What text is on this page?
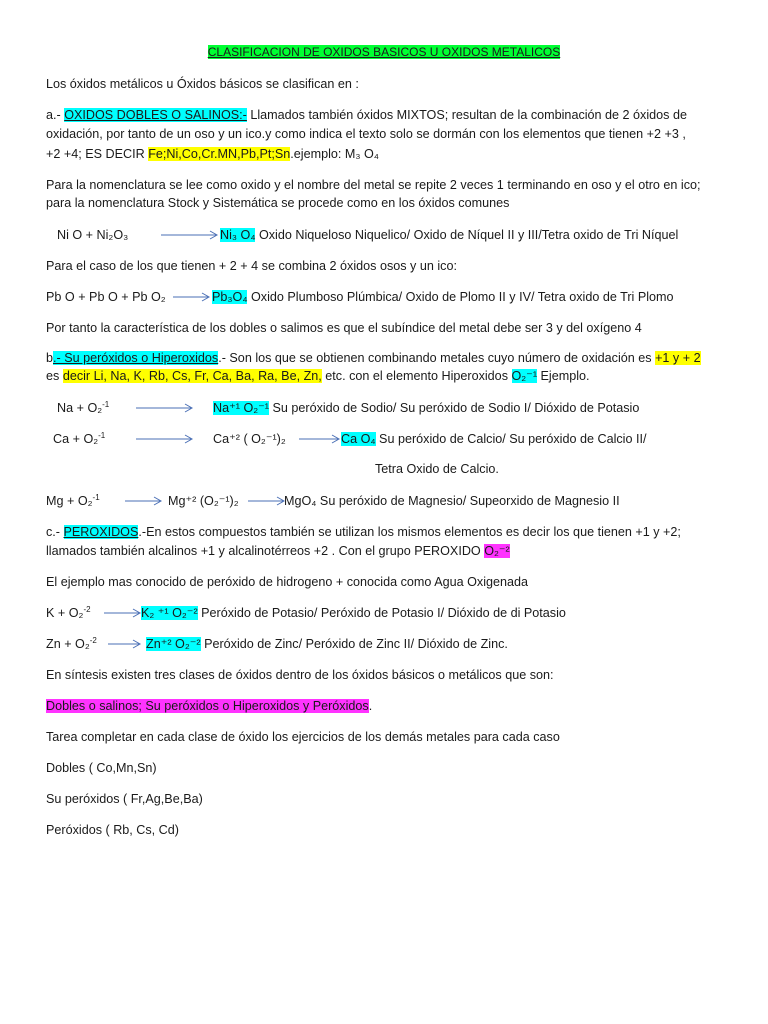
CLASIFICACION DE OXIDOS BASICOS U OXIDOS METALICOS
Los óxidos metálicos u Óxidos básicos se clasifican en :
a.- OXIDOS DOBLES O SALINOS:- Llamados también óxidos MIXTOS; resultan de la combinación de 2 óxidos de
oxidación, por tanto de un oso y un ico.y como indica el texto solo se dormán con los elementos que tienen +2 +3 ,
+2 +4; ES DECIR Fe;Ni,Co,Cr.MN,Pb,Pt;Sn.ejemplo: M₃ O₄
Para la nomenclatura se lee como oxido y el nombre del metal se repite 2 veces 1 terminando en oso y el otro en ico;
para la nomenclatura Stock y Sistemática se procede como en los óxidos comunes
Ni O + Ni₂O₃	Ni₃ O₄ Oxido Niqueloso Niquelico/ Oxido de Níquel II y III/Tetra oxido de Tri Níquel
Para el caso de los que tienen + 2 + 4 se combina 2 óxidos osos y un ico:
Pb O + Pb O + Pb O₂	Pb₃O₄ Oxido Plumboso Plúmbica/ Oxido de Plomo II y IV/ Tetra oxido de Tri Plomo
Por tanto la característica de los dobles o salimos es que el subíndice del metal debe ser 3 y del oxígeno 4
b.- Su peróxidos o Hiperoxidos.- Son los que se obtienen combinando metales cuyo número de oxidación es +1 y + 2
es decir Li, Na, K, Rb, Cs, Fr, Ca, Ba, Ra, Be, Zn, etc. con el elemento Hiperoxidos O₂⁻¹ Ejemplo.
Na + O₂$^{-1}$	Na⁺¹ O₂⁻¹ Su peróxido de Sodio/ Su peróxido de Sodio I/ Dióxido de Potasio
Ca + O₂$^{-1}$	Ca⁺² ( O₂⁻¹)₂	Ca O₄ Su peróxido de Calcio/ Su peróxido de Calcio II/
Tetra Oxido de Calcio.
Mg + O₂$^{-1}$	Mg⁺² (O₂⁻¹)₂	MgO₄ Su peróxido de Magnesio/ Supeorxido de Magnesio II
c.- PEROXIDOS.-En estos compuestos también se utilizan los mismos elementos es decir los que tienen +1 y +2;
llamados también alcalinos +1 y alcalinotérreos +2 . Con el grupo PEROXIDO O₂⁻²
El ejemplo mas conocido de peróxido de hidrogeno + conocida como Agua Oxigenada
K + O₂$^{-2}$	K₂ ⁺¹ O₂⁻² Peróxido de Potasio/ Peróxido de Potasio I/ Dióxido de di Potasio
Zn + O₂$^{-2}$	Zn⁺² O₂⁻² Peróxido de Zinc/ Peróxido de Zinc II/ Dióxido de Zinc.
En síntesis existen tres clases de óxidos dentro de los óxidos básicos o metálicos que son:
Dobles o salinos; Su peróxidos o Hiperoxidos y Peróxidos.
Tarea completar en cada clase de óxido los ejercicios de los demás metales para cada caso
Dobles ( Co,Mn,Sn)
Su peróxidos ( Fr,Ag,Be,Ba)
Peróxidos ( Rb, Cs, Cd)
